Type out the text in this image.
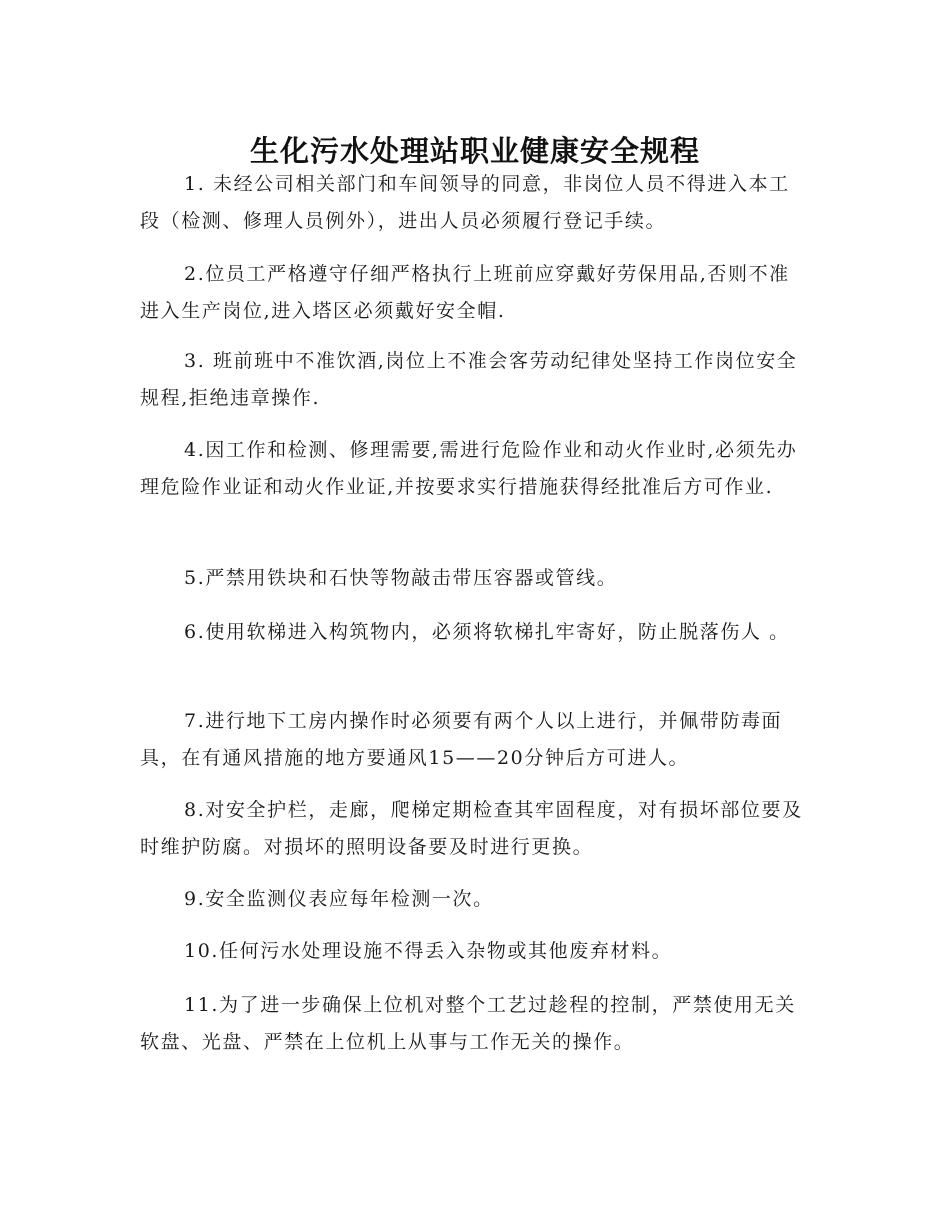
生化污水处理站职业健康安全规程

1. 未经公司相关部门和车间领导的同意，非岗位人员不得进入本工段（检测、修理人员例外），进出人员必须履行登记手续。

2.位员工严格遵守仔细严格执行上班前应穿戴好劳保用品,否则不准进入生产岗位,进入塔区必须戴好安全帽.

3. 班前班中不准饮酒,岗位上不准会客劳动纪律处坚持工作岗位安全规程,拒绝违章操作.

4.因工作和检测、修理需要,需进行危险作业和动火作业时,必须先办理危险作业证和动火作业证,并按要求实行措施获得经批准后方可作业.

5.严禁用铁块和石快等物敲击带压容器或管线。

6.使用软梯进入构筑物内，必须将软梯扎牢寄好，防止脱落伤人 。

7.进行地下工房内操作时必须要有两个人以上进行，并佩带防毒面具，在有通风措施的地方要通风15——20分钟后方可进人。

8.对安全护栏，走廊，爬梯定期检查其牢固程度，对有损坏部位要及时维护防腐。对损坏的照明设备要及时进行更换。

9.安全监测仪表应每年检测一次。

10.任何污水处理设施不得丢入杂物或其他废弃材料。

11.为了进一步确保上位机对整个工艺过趁程的控制，严禁使用无关软盘、光盘、严禁在上位机上从事与工作无关的操作。
